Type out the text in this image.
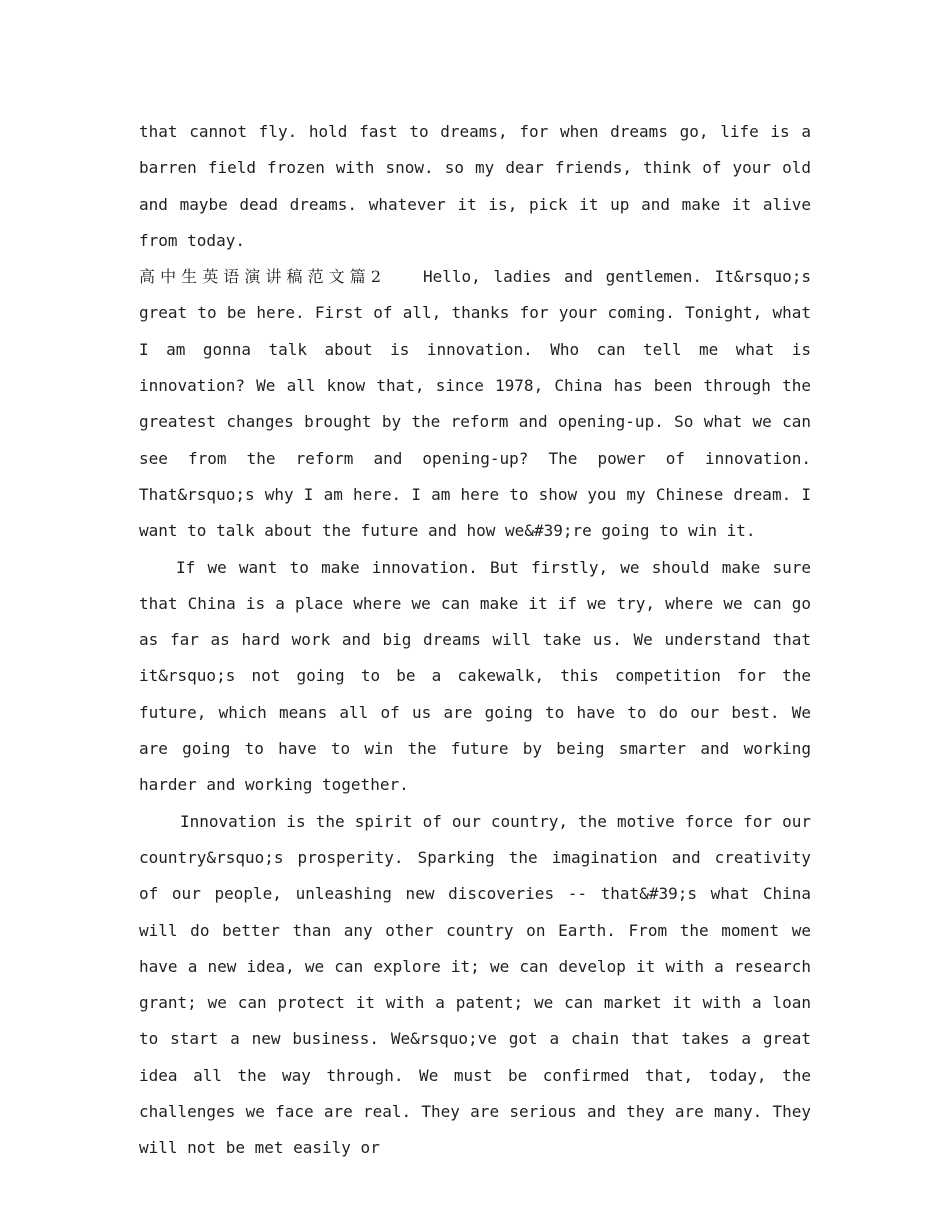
that cannot fly. hold fast to dreams, for when dreams go, life is a barren field frozen with snow. so my dear friends, think of your old and maybe dead dreams. whatever it is, pick it up and make it alive from today.

高中生英语演讲稿范文篇2	Hello, ladies and gentlemen. It&rsquo;s great to be here. First of all, thanks for your coming. Tonight, what I am gonna talk about is innovation. Who can tell me what is innovation? We all know that, since 1978, China has been through the greatest changes brought by the reform and opening-up. So what we can see from the reform and opening-up? The power of innovation. That&rsquo;s why I am here. I am here to show you my Chinese dream. I want to talk about the future and how we&#39;re going to win it.

If we want to make innovation. But firstly, we should make sure that China is a place where we can make it if we try, where we can go as far as hard work and big dreams will take us. We understand that it&rsquo;s not going to be a cakewalk, this competition for the future, which means all of us are going to have to do our best. We are going to have to win the future by being smarter and working harder and working together.

Innovation is the spirit of our country, the motive force for our country&rsquo;s prosperity. Sparking the imagination and creativity of our people, unleashing new discoveries -- that&#39;s what China will do better than any other country on Earth. From the moment we have a new idea, we can explore it; we can develop it with a research grant; we can protect it with a patent; we can market it with a loan to start a new business. We&rsquo;ve got a chain that takes a great idea all the way through. We must be confirmed that, today, the challenges we face are real. They are serious and they are many. They will not be met easily or
